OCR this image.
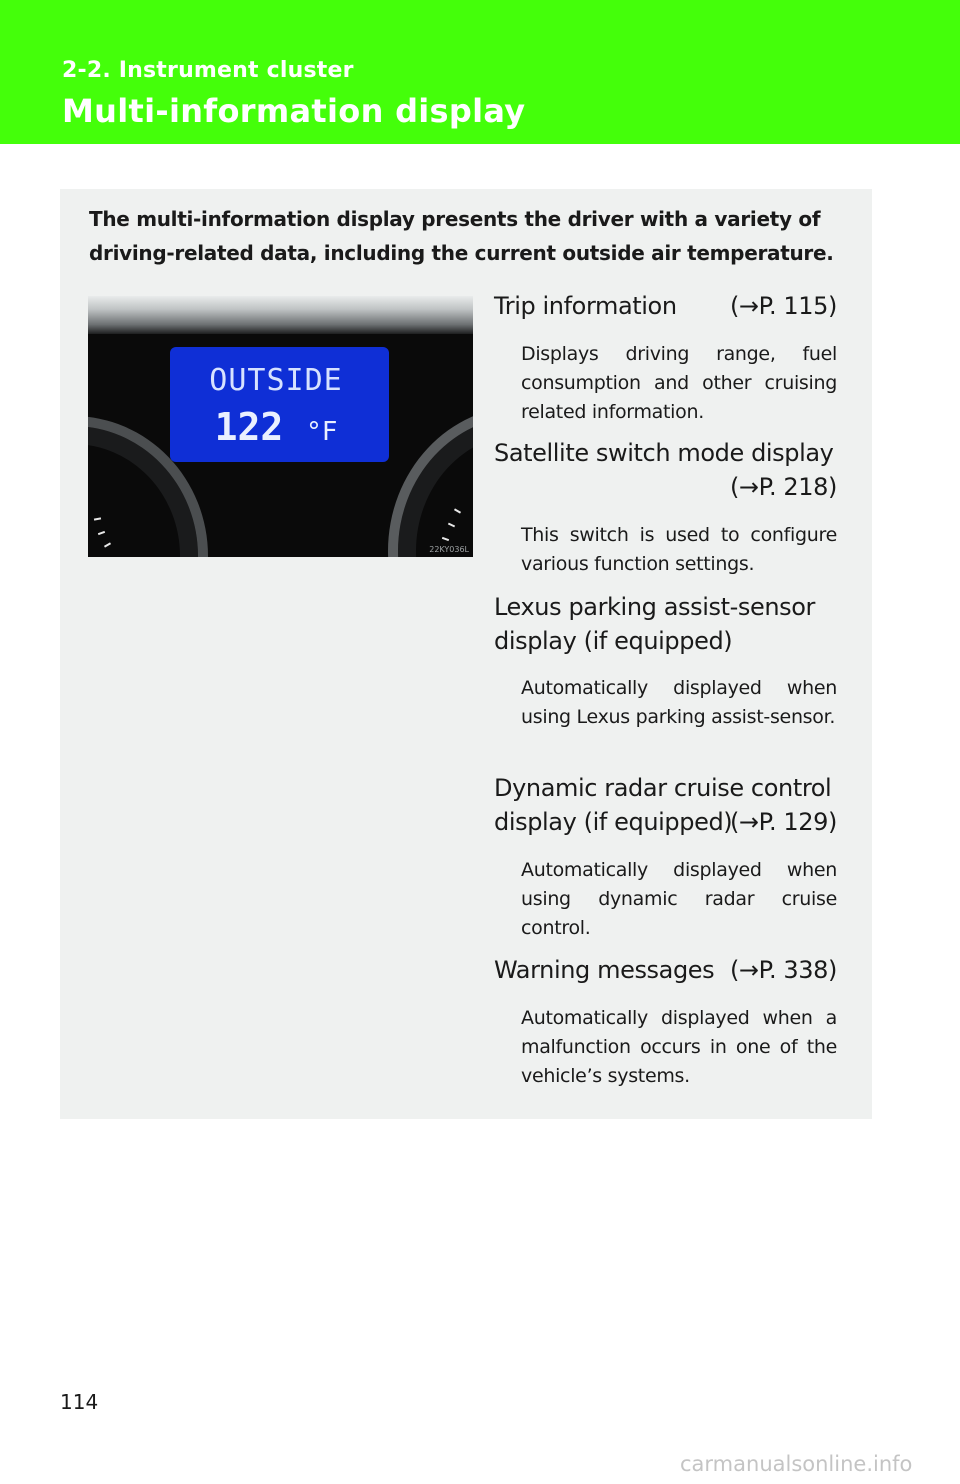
2-2. Instrument cluster
Multi-information display
The multi-information display presents the driver with a variety of driving-related data, including the current outside air temperature.
OUTSIDE
122 °F
22KY036L
(→P. 115)
Trip information
Displays driving range, fuel consumption and other cruising related information.
Satellite switch mode display
(→P. 218)
This switch is used to configure various function settings.
Lexus parking assist-sensor display (if equipped)
Automatically displayed when using Lexus parking assist-sensor.
Dynamic radar cruise control display (if equipped)
(→P. 129)
Automatically displayed when using dynamic radar cruise control.
(→P. 338)
Warning messages
Automatically displayed when a malfunction occurs in one of the vehicle’s systems.
114
carmanualsonline.info
